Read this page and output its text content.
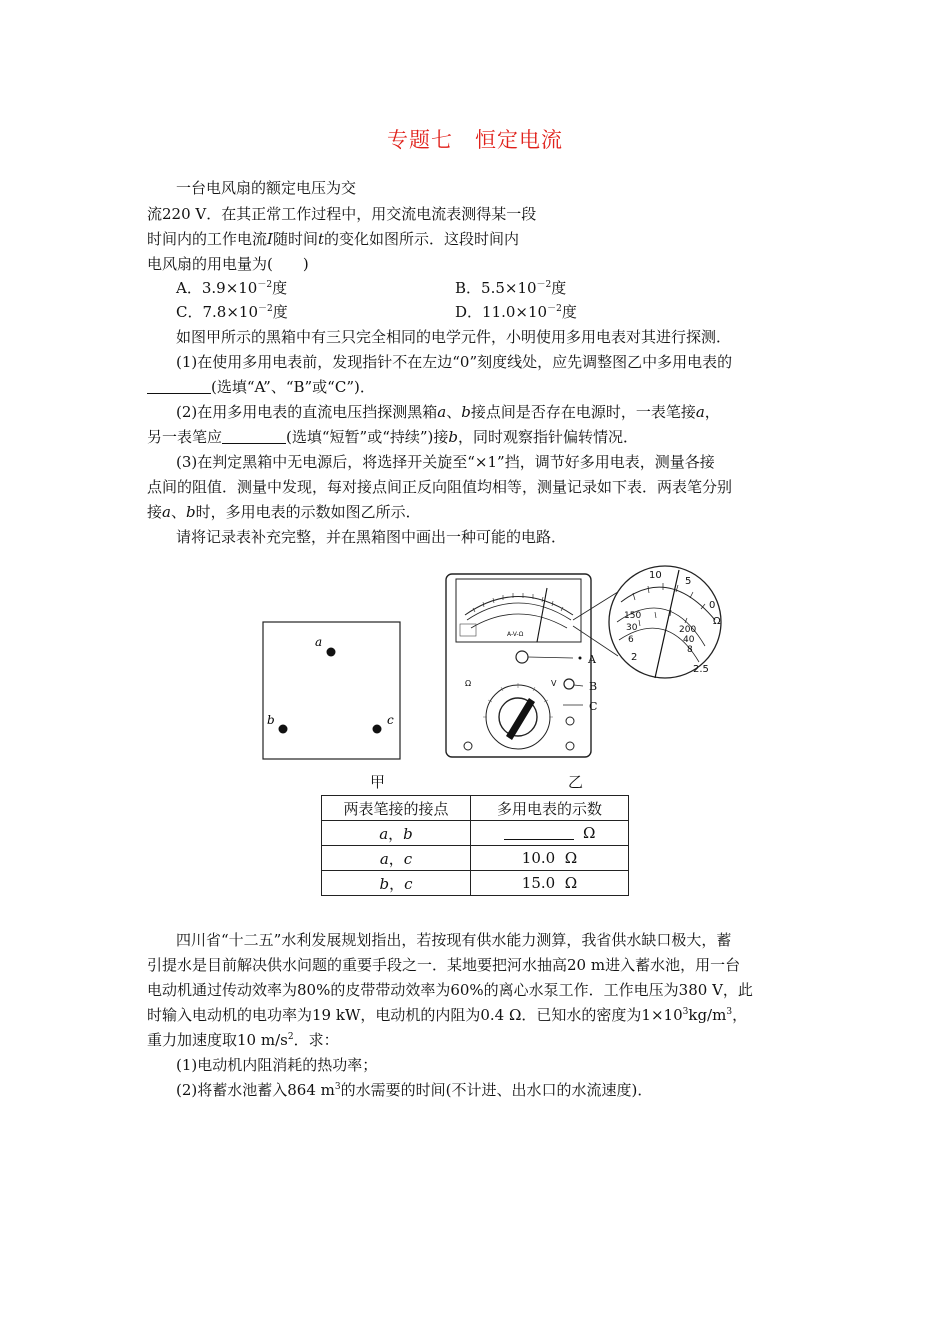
专题七　恒定电流
一台电风扇的额定电压为交
流220 V．在其正常工作过程中，用交流电流表测得某一段
时间内的工作电流I随时间t的变化如图所示．这段时间内
电风扇的用电量为(　　)
A．$3.9\times 10^{-2}$度	B．$5.5\times 10^{-2}$度
C．$7.8\times 10^{-2}$度	D．$11.0\times 10^{-2}$度
如图甲所示的黑箱中有三只完全相同的电学元件，小明使用多用电表对其进行探测．
(1)在使用多用电表前，发现指针不在左边“0”刻度线处，应先调整图乙中多用电表的
(选填“A”、“B”或“C”)．
(2)在用多用电表的直流电压挡探测黑箱a、b接点间是否存在电源时，一表笔接a，
另一表笔应	(选填“短暂”或“持续”)接b，同时观察指针偏转情况．
(3)在判定黑箱中无电源后，将选择开关旋至“×1”挡，调节好多用电表，测量各接
点间的阻值．测量中发现，每对接点间正反向阻值均相等，测量记录如下表．两表笔分别
接a、b时，多用电表的示数如图乙所示．
请将记录表补充完整，并在黑箱图中画出一种可能的电路．
a
b	c
A-V-Ω
A
B
C
Ω	V
10
5
0
Ω
150
30
6
200
40
8
2
2.5
甲	乙
两表笔接的接点	多用电表的示数
a，b	Ω
a，c	10.0 Ω
b，c	15.0 Ω
四川省“十二五”水利发展规划指出，若按现有供水能力测算，我省供水缺口极大，蓄
引提水是目前解决供水问题的重要手段之一．某地要把河水抽高20 m进入蓄水池，用一台
电动机通过传动效率为80%的皮带带动效率为60%的离心水泵工作．工作电压为380 V，此
时输入电动机的电功率为19 kW，电动机的内阻为0.4 Ω．已知水的密度为$1\times 10^3kg/m^3$，
重力加速度取10 $m/s^2$．求：
(1)电动机内阻消耗的热功率；
(2)将蓄水池蓄入864 $m^3$的水需要的时间(不计进、出水口的水流速度)．
